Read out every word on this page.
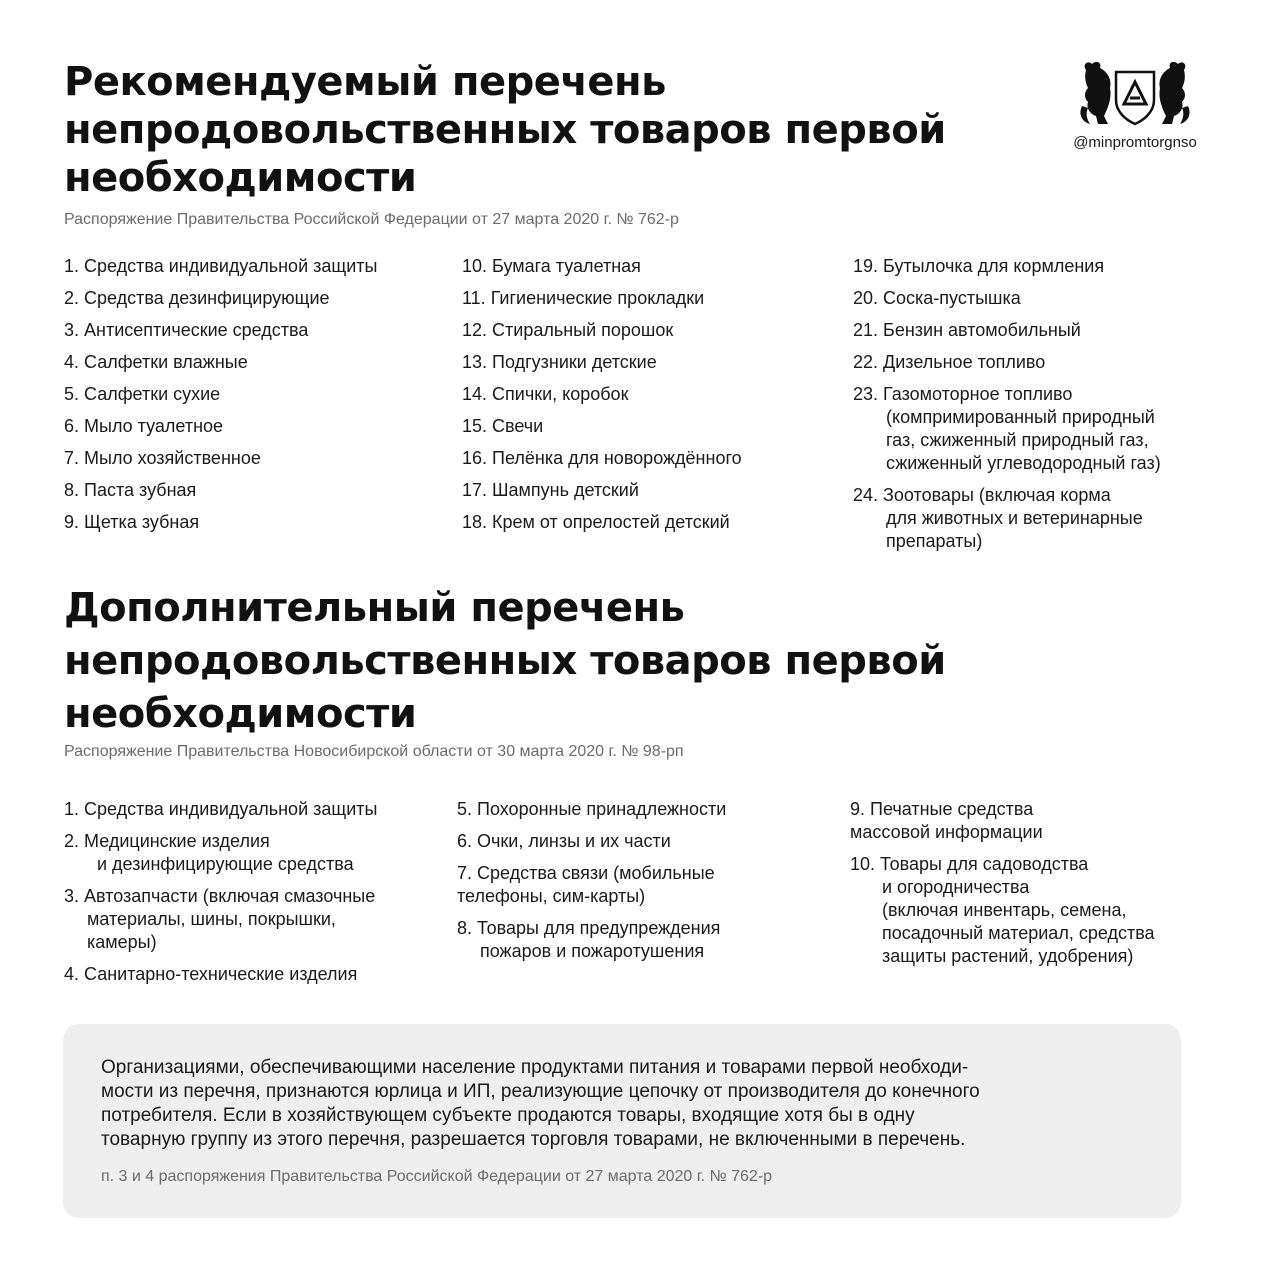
@minpromtorgnso
Рекомендуемый перечень
непродовольственных товаров первой
необходимости

Распоряжение Правительства Российской Федерации от 27 марта 2020 г. № 762-р

1. Средства индивидуальной защиты
2. Средства дезинфицирующие
3. Антисептические средства
4. Салфетки влажные
5. Салфетки сухие
6. Мыло туалетное
7. Мыло хозяйственное
8. Паста зубная
9. Щетка зубная
10. Бумага туалетная
11. Гигиенические прокладки
12. Стиральный порошок
13. Подгузники детские
14. Спички, коробок
15. Свечи
16. Пелёнка для новорождённого
17. Шампунь детский
18. Крем от опрелостей детский
19. Бутылочка для кормления
20. Соска-пустышка
21. Бензин автомобильный
22. Дизельное топливо
23. Газомоторное топливо
(компримированный природный
газ, сжиженный природный газ,
сжиженный углеводородный газ)
24. Зоотовары (включая корма
для животных и ветеринарные
препараты)
Дополнительный перечень
непродовольственных товаров первой
необходимости

Распоряжение Правительства Новосибирской области от 30 марта 2020 г. № 98-рп

1. Средства индивидуальной защиты
2. Медицинские изделия
и дезинфицирующие средства
3. Автозапчасти (включая смазочные
материалы, шины, покрышки,
камеры)
4. Санитарно-технические изделия
5. Похоронные принадлежности
6. Очки, линзы и их части
7. Средства связи (мобильные
телефоны, сим-карты)
8. Товары для предупреждения
пожаров и пожаротушения
9. Печатные средства
массовой информации
10. Товары для садоводства
и огородничества
(включая инвентарь, семена,
посадочный материал, средства
защиты растений, удобрения)

Организациями, обеспечивающими население продуктами питания и товарами первой необходи-
мости из перечня, признаются юрлица и ИП, реализующие цепочку от производителя до конечного
потребителя. Если в хозяйствующем субъекте продаются товары, входящие хотя бы в одну
товарную группу из этого перечня, разрешается торговля товарами, не включенными в перечень.

п. 3 и 4 распоряжения Правительства Российской Федерации от 27 марта 2020 г. № 762-р
